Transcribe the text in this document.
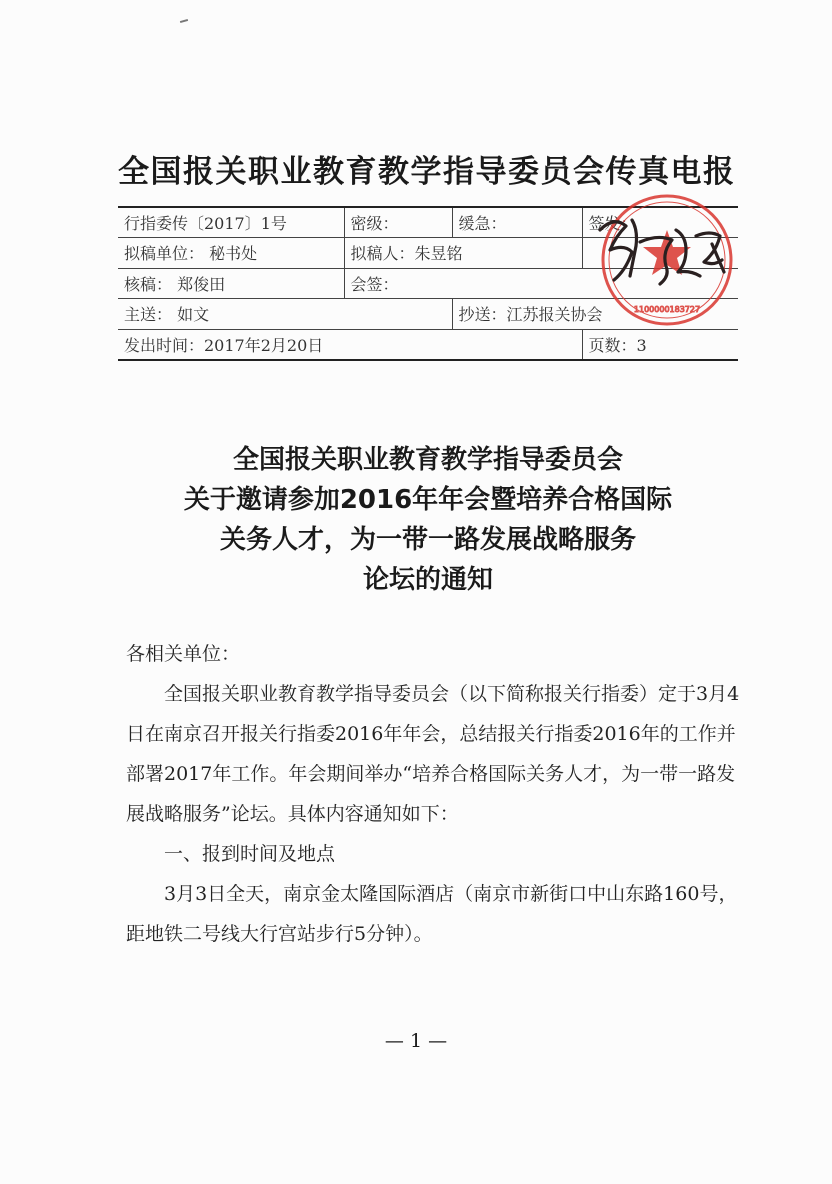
全国报关职业教育教学指导委员会传真电报
行指委传〔2017〕1号	密级：	缓急：	签发：
拟稿单位： 秘书处	拟稿人：朱昱铭		
核稿： 郑俊田	会签：		
主送： 如文		抄送：江苏报关协会	
发出时间：2017年2月20日			页数：3
1100000183727
全国报关职业教育教学指导委员会
关于邀请参加2016年年会暨培养合格国际
关务人才，为一带一路发展战略服务
论坛的通知

各相关单位：

全国报关职业教育教学指导委员会（以下简称报关行指委）定于3月4日在南京召开报关行指委2016年年会，总结报关行指委2016年的工作并部署2017年工作。年会期间举办“培养合格国际关务人才，为一带一路发展战略服务”论坛。具体内容通知如下：

一、报到时间及地点

3月3日全天，南京金太隆国际酒店（南京市新街口中山东路160号，距地铁二号线大行宫站步行5分钟）。

— 1 —
